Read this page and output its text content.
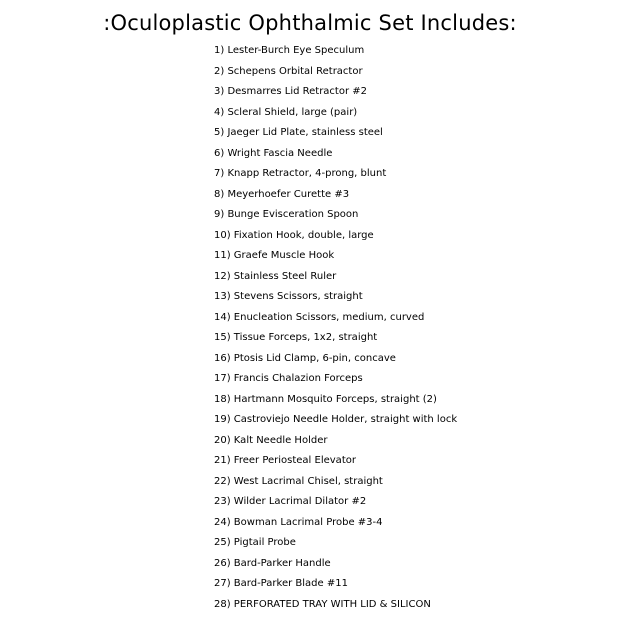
:Oculoplastic Ophthalmic Set Includes:
1) Lester-Burch Eye Speculum
2) Schepens Orbital Retractor
3) Desmarres Lid Retractor #2
4) Scleral Shield, large (pair)
5) Jaeger Lid Plate, stainless steel
6) Wright Fascia Needle
7) Knapp Retractor, 4-prong, blunt
8) Meyerhoefer Curette #3
9) Bunge Evisceration Spoon
10) Fixation Hook, double, large
11) Graefe Muscle Hook
12) Stainless Steel Ruler
13) Stevens Scissors, straight
14) Enucleation Scissors, medium, curved
15) Tissue Forceps, 1x2, straight
16) Ptosis Lid Clamp, 6-pin, concave
17) Francis Chalazion Forceps
18) Hartmann Mosquito Forceps, straight (2)
19) Castroviejo Needle Holder, straight with lock
20) Kalt Needle Holder
21) Freer Periosteal Elevator
22) West Lacrimal Chisel, straight
23) Wilder Lacrimal Dilator #2
24) Bowman Lacrimal Probe #3-4
25) Pigtail Probe
26) Bard-Parker Handle
27) Bard-Parker Blade #11
28) PERFORATED TRAY WITH LID & SILICON
